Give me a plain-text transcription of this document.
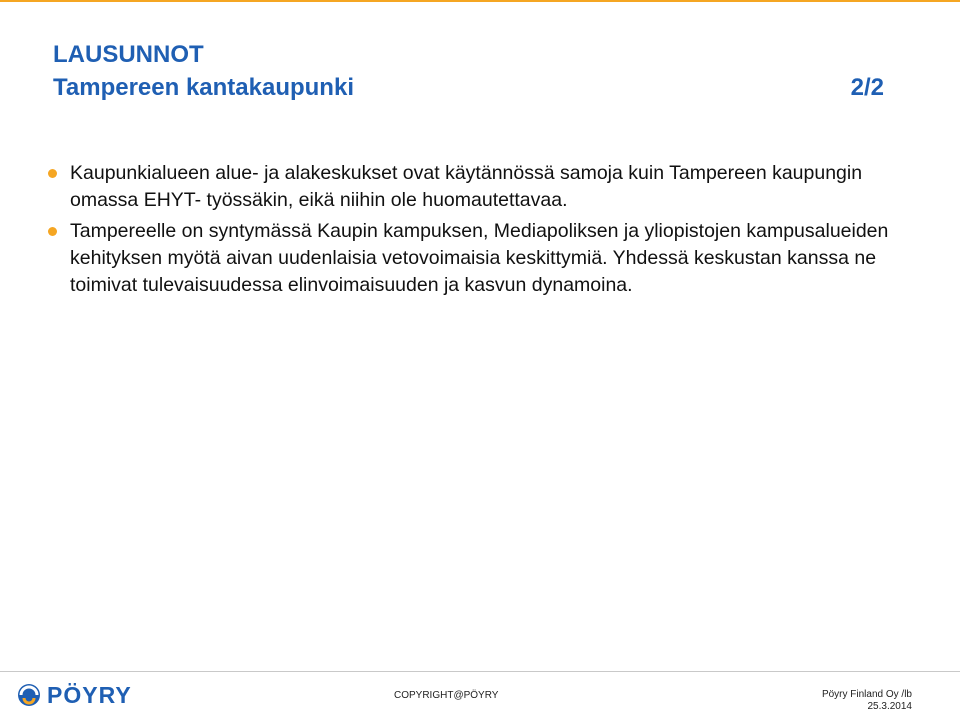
LAUSUNNOT
Tampereen kantakaupunki	2/2
Kaupunkialueen alue- ja alakeskukset ovat käytännössä samoja kuin Tampereen kaupungin omassa EHYT- työssäkin, eikä niihin ole huomautettavaa.
Tampereelle on syntymässä Kaupin kampuksen, Mediapoliksen ja yliopistojen kampusalueiden kehityksen myötä aivan uudenlaisia vetovoimaisia keskittymiä. Yhdessä keskustan kanssa ne toimivat tulevaisuudessa elinvoimaisuuden ja kasvun dynamoina.
PÖYRY	COPYRIGHT@PÖYRY	Pöyry Finland Oy /lb
25.3.2014
